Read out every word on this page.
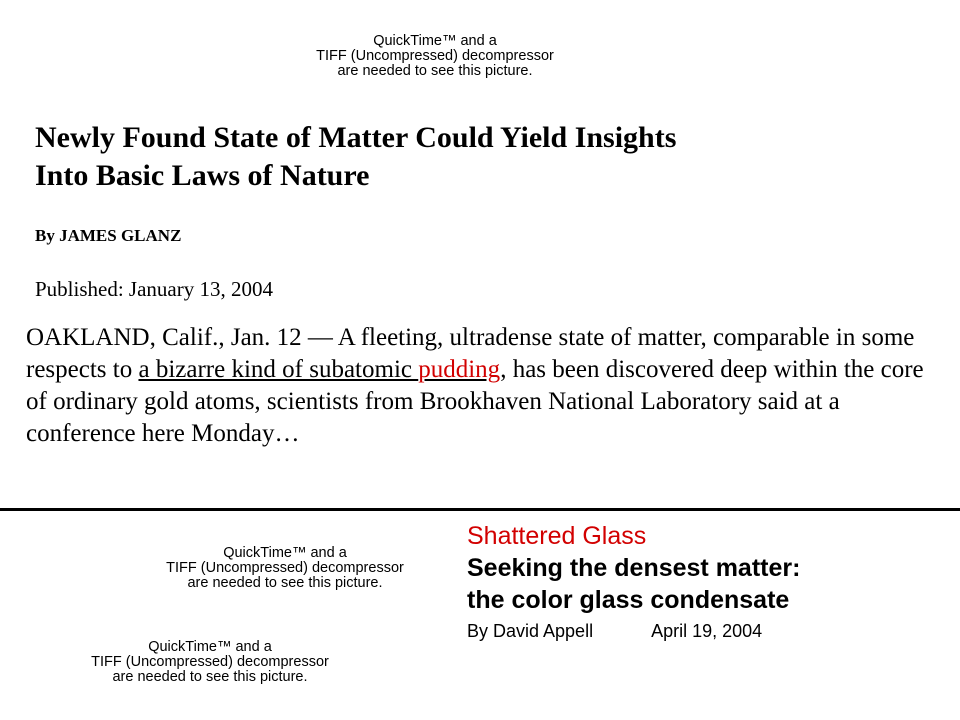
QuickTime™ and a
TIFF (Uncompressed) decompressor
are needed to see this picture.
Newly Found State of Matter Could Yield Insights
Into Basic Laws of Nature
By JAMES GLANZ
Published: January 13, 2004
OAKLAND, Calif., Jan. 12 — A fleeting, ultradense state of matter, comparable in some respects to a bizarre kind of subatomic pudding, has been discovered deep within the core of ordinary gold atoms, scientists from Brookhaven National Laboratory said at a conference here Monday…
QuickTime™ and a
TIFF (Uncompressed) decompressor
are needed to see this picture.
QuickTime™ and a
TIFF (Uncompressed) decompressor
are needed to see this picture.
Shattered Glass
Seeking the densest matter:
the color glass condensate
By David Appell	April 19, 2004
